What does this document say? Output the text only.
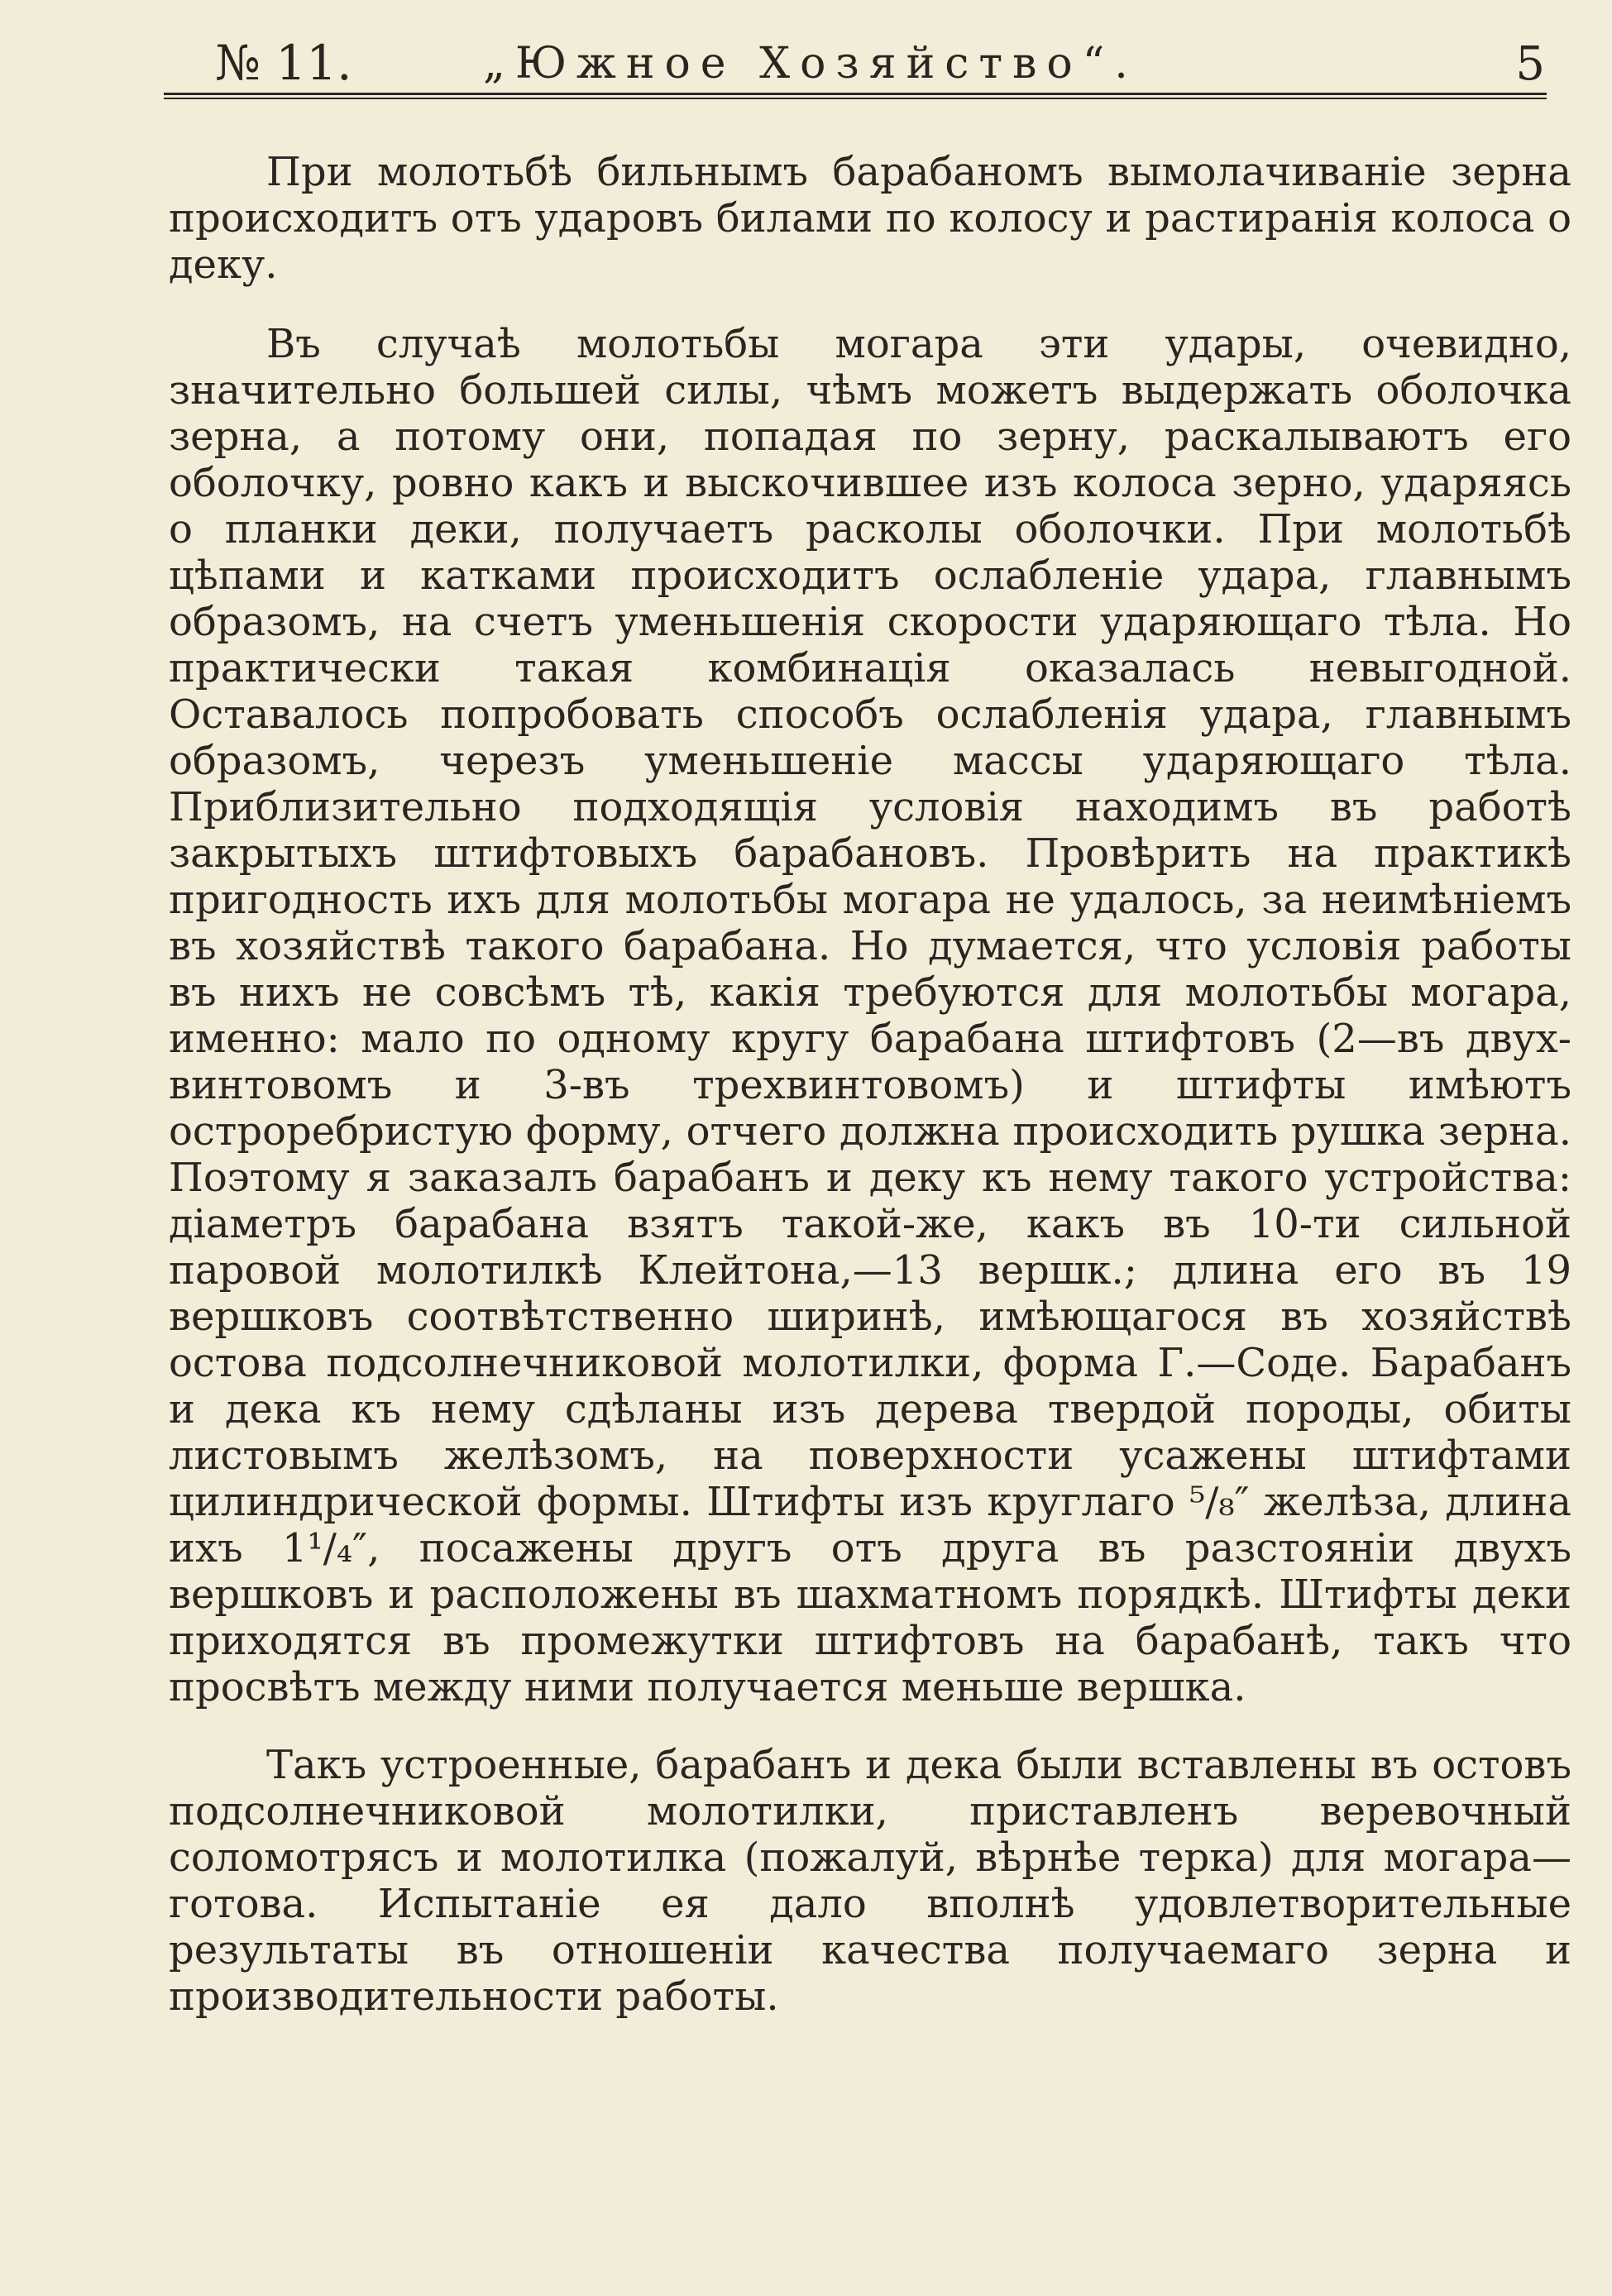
№ 11.	„Южное Хозяйство“.	5

При молотьбѣ бильнымъ барабаномъ вымолачиваніе зерна происходитъ отъ ударовъ билами по колосу и растиранія колоса о деку.

Въ случаѣ молотьбы могара эти удары, очевидно, значительно большей силы, чѣмъ можетъ выдержать оболочка зерна, а потому они, попадая по зерну, раскалываютъ его оболочку, ровно какъ и выскочившее изъ колоса зерно, ударяясь о планки деки, получаетъ расколы оболочки. При молотьбѣ цѣпами и катками происходитъ ослабленіе удара, главнымъ образомъ, на счетъ уменьшенія скорости ударяющаго тѣла. Но практически такая комбинація оказалась невыгодной. Оставалось попробовать способъ ослабленія удара, главнымъ образомъ, черезъ уменьшеніе массы ударяющаго тѣла. Приблизительно подходящія условія находимъ въ работѣ закрытыхъ штифтовыхъ барабановъ. Провѣрить на практикѣ пригодность ихъ для молотьбы могара не удалось, за неимѣніемъ въ хозяйствѣ такого барабана. Но думается, что условія работы въ нихъ не совсѣмъ тѣ, какія требуются для молотьбы могара, именно: мало по одному кругу барабана штифтовъ (2—въ двух-винтовомъ и 3-въ трехвинтовомъ) и штифты имѣютъ остроребристую форму, отчего должна происходить рушка зерна. Поэтому я заказалъ барабанъ и деку къ нему такого устройства: діаметръ барабана взятъ такой-же, какъ въ 10-ти сильной паровой молотилкѣ Клейтона,—13 вершк.; длина его въ 19 вершковъ соотвѣтственно ширинѣ, имѣющагося въ хозяйствѣ остова подсолнечниковой молотилки, форма Г.—Соде. Барабанъ и дека къ нему сдѣланы изъ дерева твердой породы, обиты листовымъ желѣзомъ, на поверхности усажены штифтами цилиндрической формы. Штифты изъ круглаго ⁵/₈″ желѣза, длина ихъ 1¹/₄″, посажены другъ отъ друга въ разстояніи двухъ вершковъ и расположены въ шахматномъ порядкѣ. Штифты деки приходятся въ промежутки штифтовъ на барабанѣ, такъ что просвѣтъ между ними получается меньше вершка.

Такъ устроенные, барабанъ и дека были вставлены въ остовъ подсолнечниковой молотилки, приставленъ веревочный соломотрясъ и молотилка (пожалуй, вѣрнѣе терка) для могара—готова. Испытаніе ея дало вполнѣ удовлетворительные результаты въ отношеніи качества получаемаго зерна и производительности работы.
